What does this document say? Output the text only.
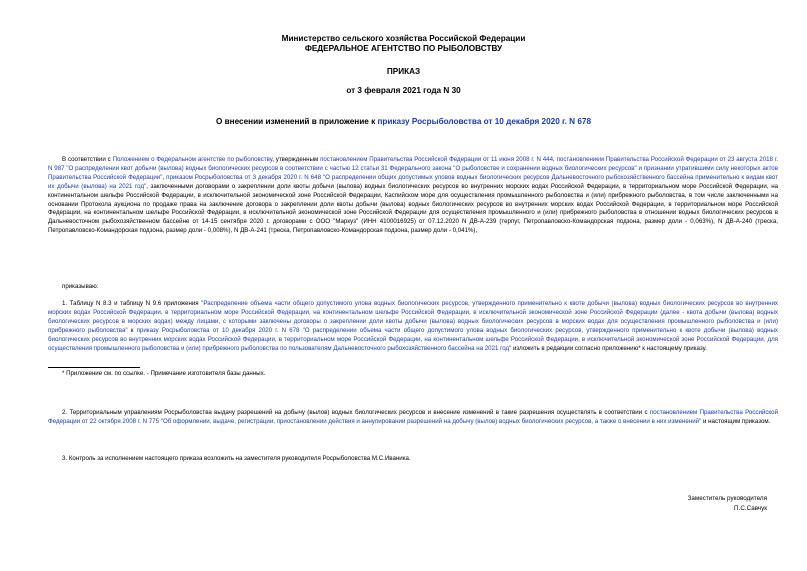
Министерство сельского хозяйства Российской Федерации
ФЕДЕРАЛЬНОЕ АГЕНТСТВО ПО РЫБОЛОВСТВУ
ПРИКАЗ
от 3 февраля 2021 года N 30
О внесении изменений в приложение к приказу Росрыболовства от 10 декабря 2020 г. N 678
В соответствии с Положением о Федеральном агентстве по рыболовству, утвержденным постановлением Правительства Российской Федерации от 11 июня 2008 г. N 444, постановлением Правительства Российской Федерации от 23 августа 2018 г. N 987 "О распределении квот добычи (вылова) водных биологических ресурсов в соответствии с частью 12 статьи 31 Федерального закона "О рыболовстве и сохранении водных биологических ресурсов" и признании утратившими силу некоторых актов Правительства Российской Федерации", приказом Росрыболовства от 3 декабря 2020 г. N 648 "О распределении общих допустимых уловов водных биологических ресурсов Дальневосточного рыбохозяйственного бассейна применительно к видам квот их добычи (вылова) на 2021 год", заключенными договорами о закреплении доли квоты добычи (вылова) водных биологических ресурсов во внутренних морских водах Российской Федерации, в территориальном море Российской Федерации, на континентальном шельфе Российской Федерации, в исключительной экономической зоне Российской Федерации, Каспийском море для осуществления промышленного рыболовства и (или) прибрежного рыболовства, в том числе заключенными на основании Протокола аукциона по продаже права на заключение договора о закреплении доли квоты добычи (вылова) водных биологических ресурсов во внутренних морских водах Российской Федерации, в территориальном море Российской Федерации, на континентальном шельфе Российской Федерации, в исключительной экономической зоне Российской Федерации для осуществления промышленного и (или) прибрежного рыболовства в отношении водных биологических ресурсов в Дальневосточном рыбохозяйственном бассейне от 14-15 сентября 2020 г. договорами с ООО "Маркуз" (ИНН 4100016925) от 07.12.2020 N ДВ-А-239 (терпуг, Петропавловско-Командорская подзона, размер доли - 0,063%), N ДВ-А-240 (треска, Петропавловско-Командорская подзона, размер доли - 0,008%), N ДВ-А-241 (треска, Петропавловско-Командорская подзона, размер доли - 0,041%),
приказываю:
1. Таблицу N 8.3 и таблицу N 9.6 приложения "Распределение объема части общего допустимого улова водных биологических ресурсов, утвержденного применительно к квоте добычи (вылова) водных биологических ресурсов во внутренних морских водах Российской Федерации, в территориальном море Российской Федерации, на континентальном шельфе Российской Федерации, в исключительной экономической зоне Российской Федерации (далее - квота добычи (вылова) водных биологических ресурсов в морских водах) между лицами, с которыми заключены договоры о закреплении доли квоты добычи (вылова) водных биологических ресурсов в морских водах для осуществления промышленного рыболовства и (или) прибрежного рыболовства" к приказу Росрыболовства от 10 декабря 2020 г. N 678 "О распределении объема части общего допустимого улова водных биологических ресурсов, утвержденного применительно к квоте добычи (вылова) водных биологических ресурсов во внутренних морских водах Российской Федерации, в территориальном море Российской Федерации, на континентальном шельфе Российской Федерации, в исключительной экономической зоне Российской Федерации, для осуществления промышленного рыболовства и (или) прибрежного рыболовства по пользователям Дальневосточного рыбохозяйственного бассейна на 2021 год" изложить в редакции согласно приложению* к настоящему приказу.
* Приложение см. по ссылке. - Примечание изготовителя базы данных.
2. Территориальным управлениям Росрыболовства выдачу разрешений на добычу (вылов) водных биологических ресурсов и внесение изменений в такие разрешения осуществлять в соответствии с постановлением Правительства Российской Федерации от 22 октября 2008 г. N 775 "Об оформлении, выдаче, регистрации, приостановлении действия и аннулировании разрешений на добычу (вылов) водных биологических ресурсов, а также о внесении в них изменений" и настоящим приказом.
3. Контроль за исполнением настоящего приказа возложить на заместителя руководителя Росрыболовства М.С.Иваника.
Заместитель руководителя
П.С.Савчук
